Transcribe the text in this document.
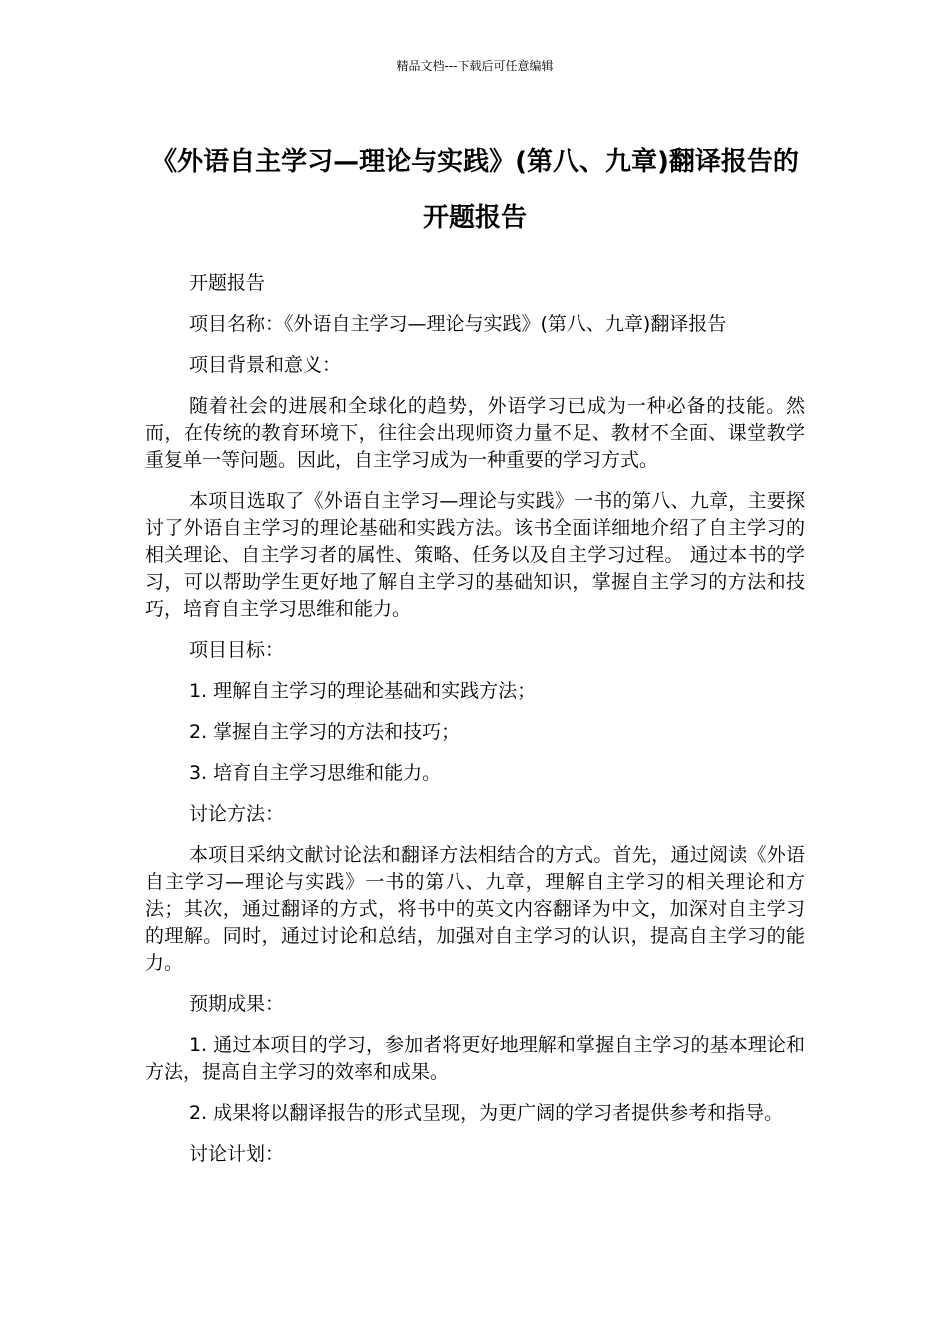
精品文档---下载后可任意编辑
《外语自主学习—理论与实践》(第八、九章)翻译报告的开题报告

开题报告

项目名称：《外语自主学习—理论与实践》(第八、九章)翻译报告

项目背景和意义：

随着社会的进展和全球化的趋势，外语学习已成为一种必备的技能。然而，在传统的教育环境下，往往会出现师资力量不足、教材不全面、课堂教学重复单一等问题。因此，自主学习成为一种重要的学习方式。

本项目选取了《外语自主学习—理论与实践》一书的第八、九章，主要探讨了外语自主学习的理论基础和实践方法。该书全面详细地介绍了自主学习的相关理论、自主学习者的属性、策略、任务以及自主学习过程。 通过本书的学习，可以帮助学生更好地了解自主学习的基础知识，掌握自主学习的方法和技巧，培育自主学习思维和能力。

项目目标：

1. 理解自主学习的理论基础和实践方法；

2. 掌握自主学习的方法和技巧；

3. 培育自主学习思维和能力。

讨论方法：

本项目采纳文献讨论法和翻译方法相结合的方式。首先，通过阅读《外语自主学习—理论与实践》一书的第八、九章，理解自主学习的相关理论和方法；其次，通过翻译的方式，将书中的英文内容翻译为中文，加深对自主学习的理解。同时，通过讨论和总结，加强对自主学习的认识，提高自主学习的能力。

预期成果：

1. 通过本项目的学习，参加者将更好地理解和掌握自主学习的基本理论和方法，提高自主学习的效率和成果。

2. 成果将以翻译报告的形式呈现，为更广阔的学习者提供参考和指导。

讨论计划：
